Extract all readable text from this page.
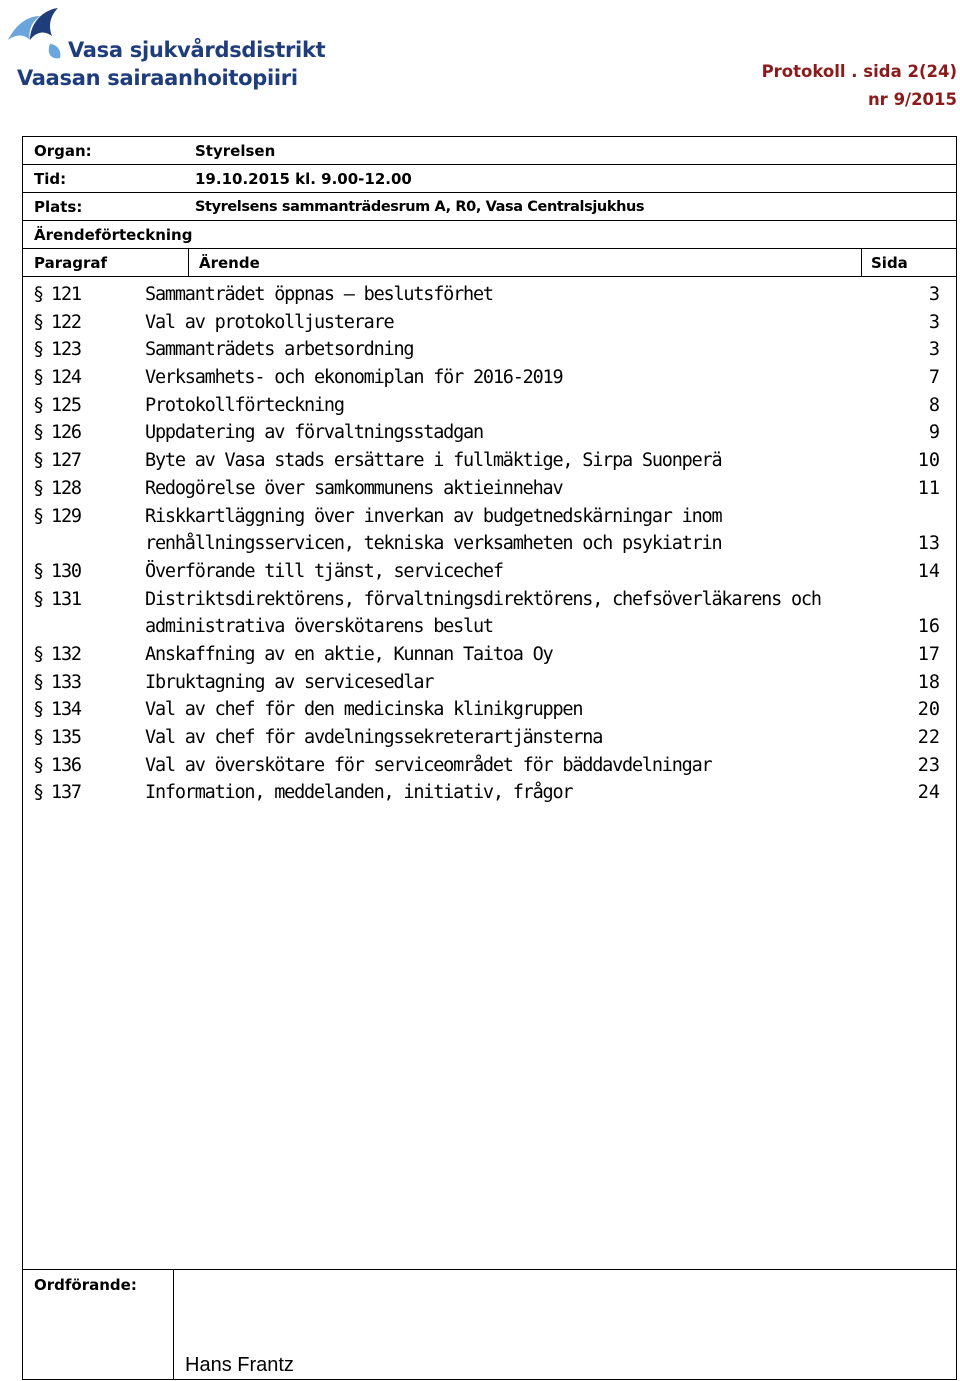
Vasa sjukvårdsdistrikt
Vaasan sairaanhoitopiiri	Protokoll . sida 2(24)
nr 9/2015
Organ:	Styrelsen
Tid:	19.10.2015 kl. 9.00-12.00
Plats:	Styrelsens sammanträdesrum A, R0, Vasa Centralsjukhus
Ärendeförteckning
Paragraf	Ärende	Sida
§ 121	Sammanträdet öppnas – beslutsförhet	3
§ 122	Val av protokolljusterare	3
§ 123	Sammanträdets arbetsordning	3
§ 124	Verksamhets- och ekonomiplan för 2016-2019	7
§ 125	Protokollförteckning	8
§ 126	Uppdatering av förvaltningsstadgan	9
§ 127	Byte av Vasa stads ersättare i fullmäktige, Sirpa Suonperä	10
§ 128	Redogörelse över samkommunens aktieinnehav	11
§ 129	Riskkartläggning över inverkan av budgetnedskärningar inom
renhållningsservicen, tekniska verksamheten och psykiatrin	13
§ 130	Överförande till tjänst, servicechef	14
§ 131	Distriktsdirektörens, förvaltningsdirektörens, chefsöverläkarens och
administrativa överskötarens beslut	16
§ 132	Anskaffning av en aktie, Kunnan Taitoa Oy	17
§ 133	Ibruktagning av servicesedlar	18
§ 134	Val av chef för den medicinska klinikgruppen	20
§ 135	Val av chef för avdelningssekreterartjänsterna	22
§ 136	Val av överskötare för serviceområdet för bäddavdelningar	23
§ 137	Information, meddelanden, initiativ, frågor	24
Ordförande:
Hans Frantz
